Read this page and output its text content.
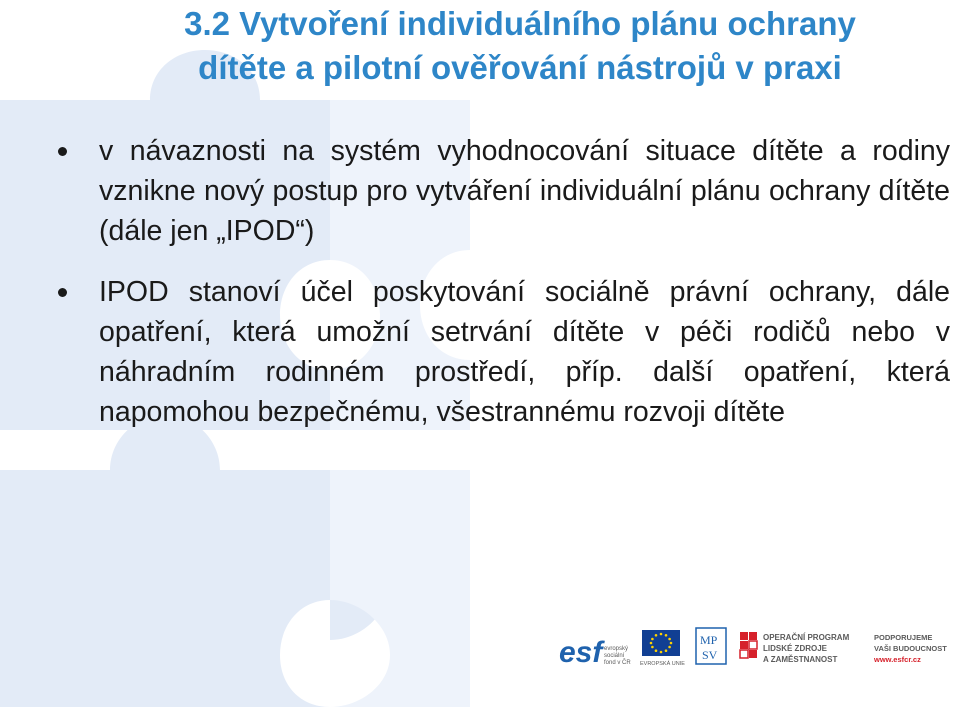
3.2 Vytvoření individuálního plánu ochrany
dítěte a pilotní ověřování nástrojů v praxi
v návaznosti na systém vyhodnocování situace dítěte a rodiny vznikne nový postup pro vytváření individuální plánu ochrany dítěte (dále jen „IPOD“)
IPOD stanoví účel poskytování sociálně právní ochrany, dále opatření, která umožní setrvání dítěte v péči rodičů nebo v náhradním rodinném prostředí, příp. další opatření, která napomohou bezpečnému, všestrannému rozvoji dítěte
esf evropský
sociální
fond v ČR EVROPSKÁ UNIE
MP
SV
OPERAČNÍ PROGRAM
LIDSKÉ ZDROJE
A ZAMĚSTNANOST
PODPORUJEME
VAŠI BUDOUCNOST
www.esfcr.cz
